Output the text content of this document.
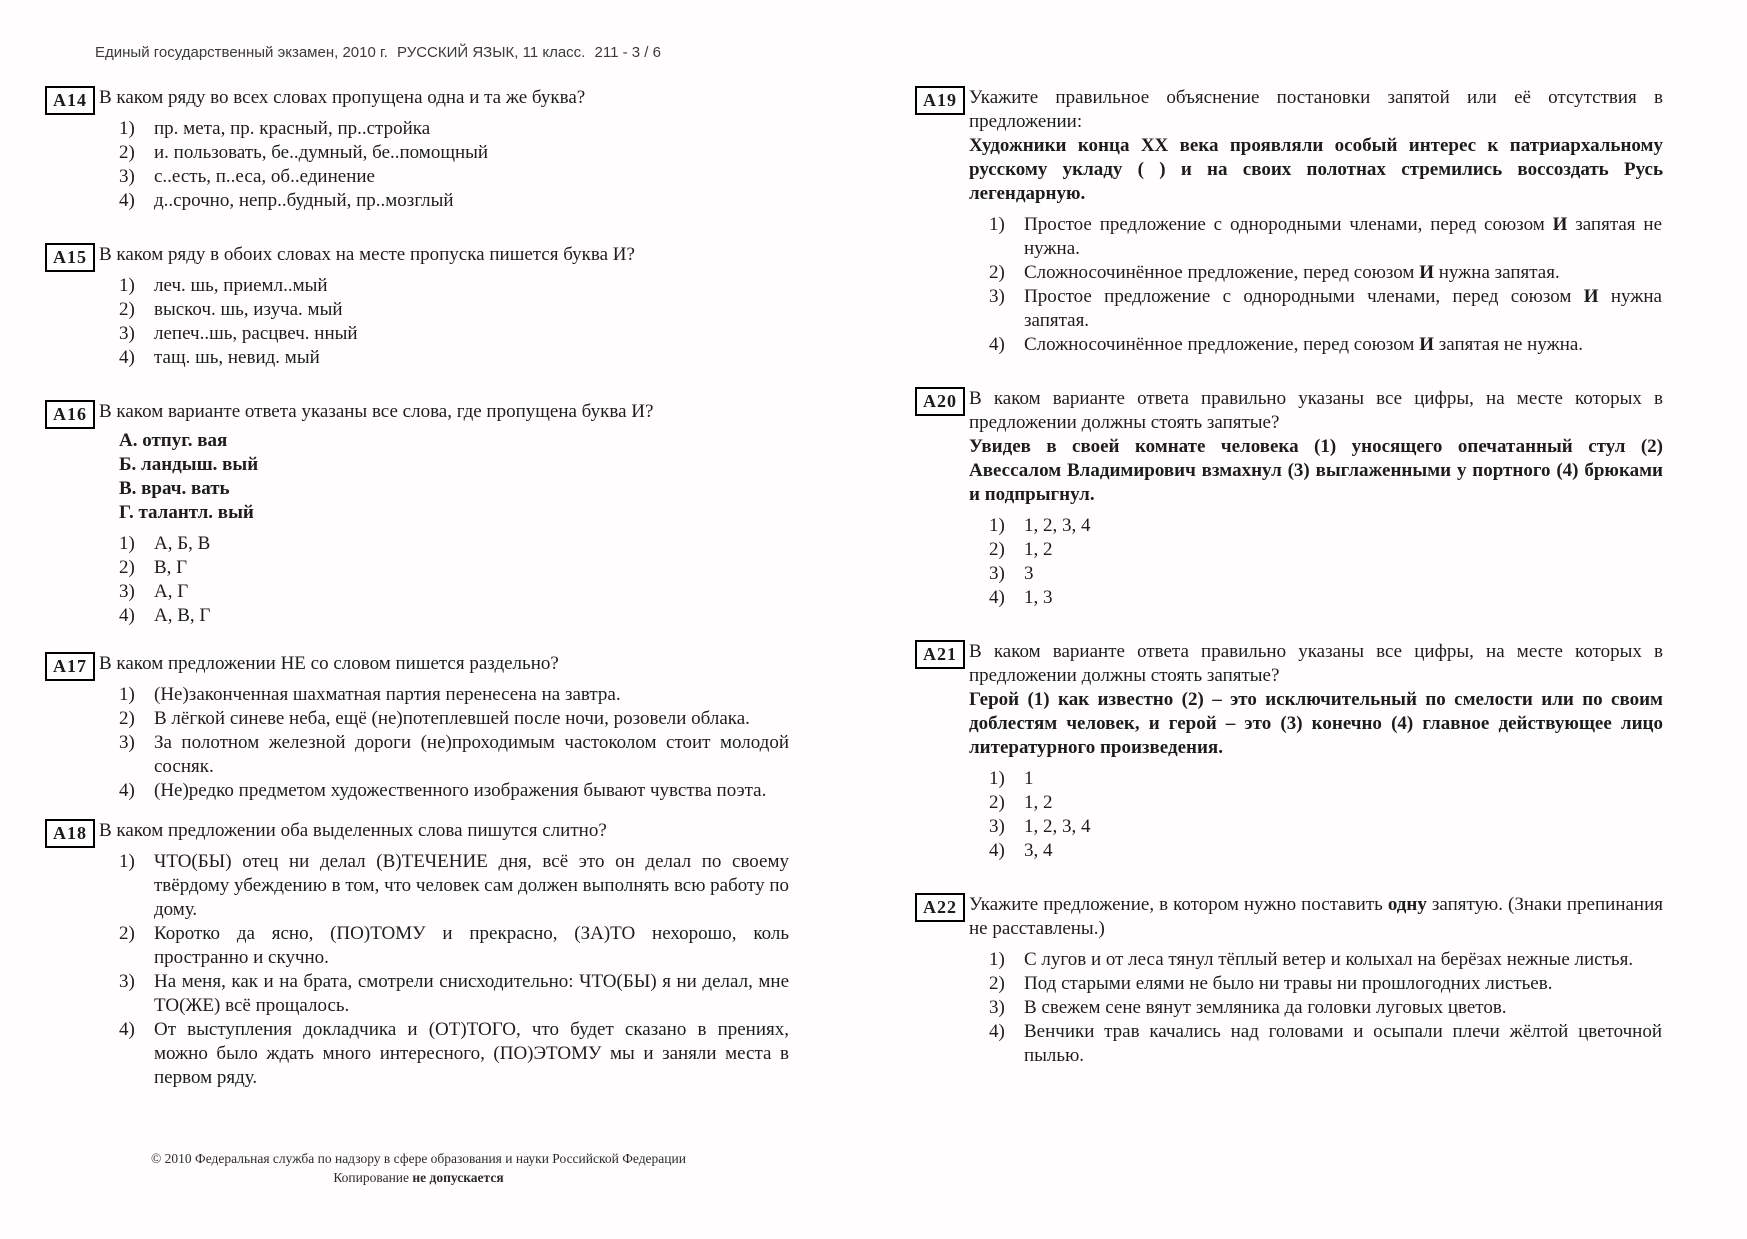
Единый государственный экзамен, 2010 г. РУССКИЙ ЯЗЫК, 11 класс. 211 - 3 / 6
A14 В каком ряду во всех словах пропущена одна и та же буква?

1)	пр. мета, пр. красный, пр..стройка
2)	и. пользовать, бе..думный, бе..помощный
3)	с..есть, п..еса, об..единение
4)	д..срочно, непр..будный, пр..мозглый
A15 В каком ряду в обоих словах на месте пропуска пишется буква И?

1)	леч. шь, приемл..мый
2)	выскоч. шь, изуча. мый
3)	лепеч..шь, расцвеч. нный
4)	тащ. шь, невид. мый
A16 В каком варианте ответа указаны все слова, где пропущена буква И?

А. отпуг. вая

Б. ландыш. вый

В. врач. вать

Г. талантл. вый

1)	А, Б, В
2)	В, Г
3)	А, Г
4)	А, В, Г
A17 В каком предложении НЕ со словом пишется раздельно?

1)	(Не)законченная шахматная партия перенесена на завтра.
2)	В лёгкой синеве неба, ещё (не)потеплевшей после ночи, розовели облака.
3)	За полотном железной дороги (не)проходимым частоколом стоит молодой сосняк.
4)	(Не)редко предметом художественного изображения бывают чувства поэта.
A18 В каком предложении оба выделенных слова пишутся слитно?

1)	ЧТО(БЫ) отец ни делал (В)ТЕЧЕНИЕ дня, всё это он делал по своему твёрдому убеждению в том, что человек сам должен выполнять всю работу по дому.
2)	Коротко да ясно, (ПО)ТОМУ и прекрасно, (ЗА)ТО нехорошо, коль пространно и скучно.
3)	На меня, как и на брата, смотрели снисходительно: ЧТО(БЫ) я ни делал, мне ТО(ЖЕ) всё прощалось.
4)	От выступления докладчика и (ОТ)ТОГО, что будет сказано в прениях, можно было ждать много интересного, (ПО)ЭТОМУ мы и заняли места в первом ряду.
A19 Укажите правильное объяснение постановки запятой или её отсутствия в предложении:

Художники конца XX века проявляли особый интерес к патриархальному русскому укладу ( ) и на своих полотнах стремились воссоздать Русь легендарную.

1)	Простое предложение с однородными членами, перед союзом И запятая не нужна.
2)	Сложносочинённое предложение, перед союзом И нужна запятая.
3)	Простое предложение с однородными членами, перед союзом И нужна запятая.
4)	Сложносочинённое предложение, перед союзом И запятая не нужна.
A20 В каком варианте ответа правильно указаны все цифры, на месте которых в предложении должны стоять запятые?

Увидев в своей комнате человека (1) уносящего опечатанный стул (2) Авессалом Владимирович взмахнул (3) выглаженными у портного (4) брюками и подпрыгнул.

1)	1, 2, 3, 4
2)	1, 2
3)	3
4)	1, 3
A21 В каком варианте ответа правильно указаны все цифры, на месте которых в предложении должны стоять запятые?

Герой (1) как известно (2) – это исключительный по смелости или по своим доблестям человек, и герой – это (3) конечно (4) главное действующее лицо литературного произведения.

1)	1
2)	1, 2
3)	1, 2, 3, 4
4)	3, 4
A22 Укажите предложение, в котором нужно поставить одну запятую. (Знаки препинания не расставлены.)

1)	С лугов и от леса тянул тёплый ветер и колыхал на берёзах нежные листья.
2)	Под старыми елями не было ни травы ни прошлогодних листьев.
3)	В свежем сене вянут земляника да головки луговых цветов.
4)	Венчики трав качались над головами и осыпали плечи жёлтой цветочной пылью.

© 2010 Федеральная служба по надзору в сфере образования и науки Российской Федерации

Копирование не допускается
